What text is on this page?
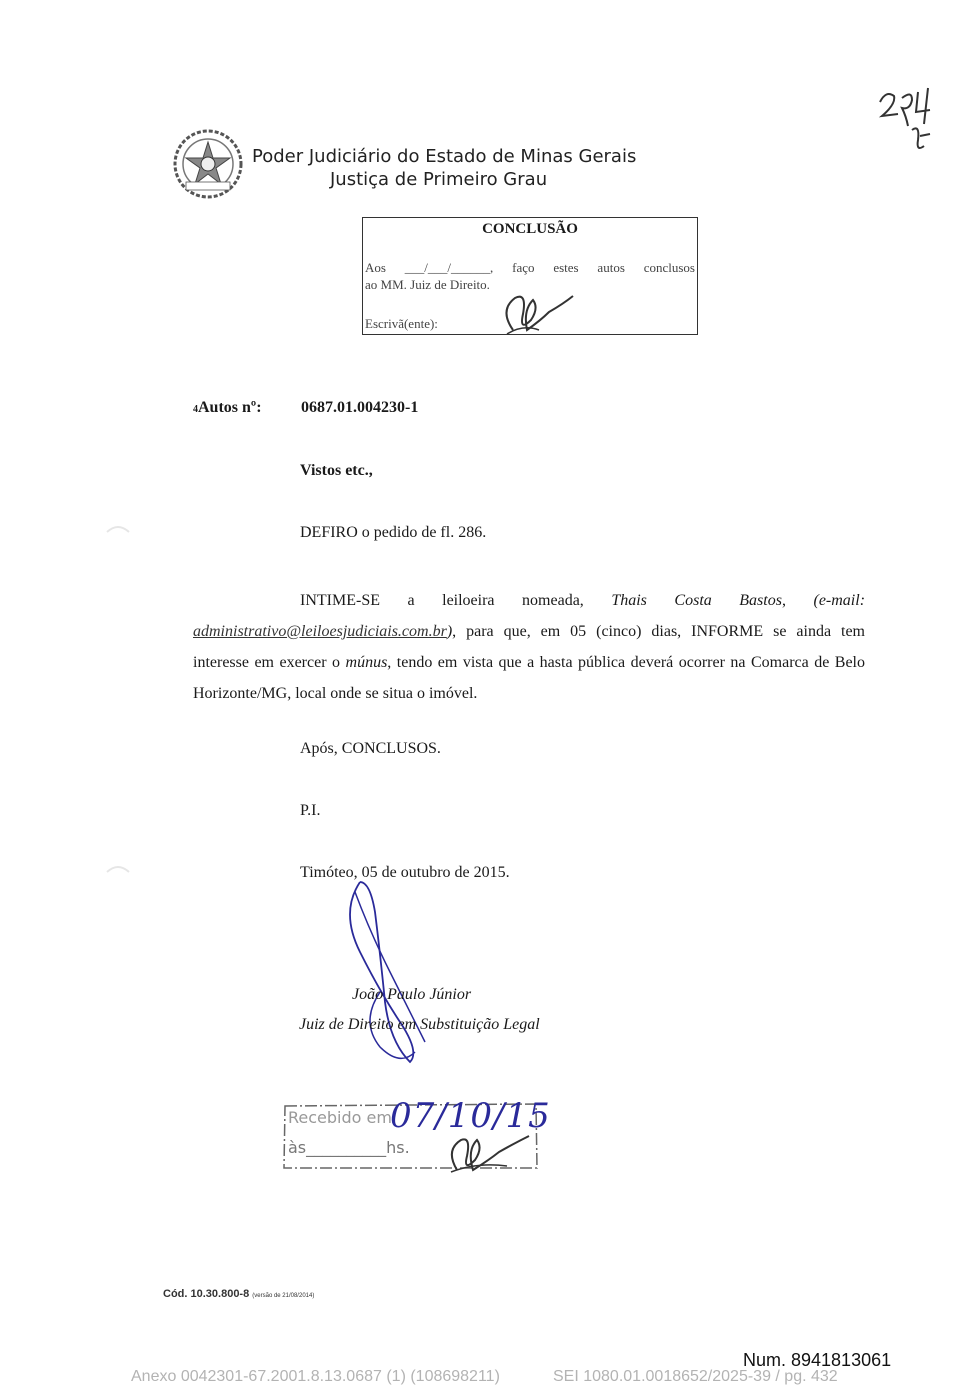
Poder Judiciário do Estado de Minas Gerais
Justiça de Primeiro Grau
CONCLUSÃO
Aos ___/___/______, faço estes autos conclusos
ao MM. Juiz de Direito.
Escrivã(ente):
4Autos nº: 0687.01.004230-1
Vistos etc.,
DEFIRO o pedido de fl. 286.
INTIME-SE a leiloeira nomeada, Thais Costa Bastos, (e-mail: administrativo@leiloesjudiciais.com.br), para que, em 05 (cinco) dias, INFORME se ainda tem interesse em exercer o múnus, tendo em vista que a hasta pública deverá ocorrer na Comarca de Belo Horizonte/MG, local onde se situa o imóvel.
Após, CONCLUSOS.
P.I.
Timóteo, 05 de outubro de 2015.
João Paulo Júnior
Juiz de Direito em Substituição Legal
Recebido em
07/10/15
às__________hs.
Cód. 10.30.800-8 (versão de 21/08/2014)
Num. 8941813061
Anexo 0042301-67.2001.8.13.0687 (1) (108698211)	SEI 1080.01.0018652/2025-39 / pg. 432
